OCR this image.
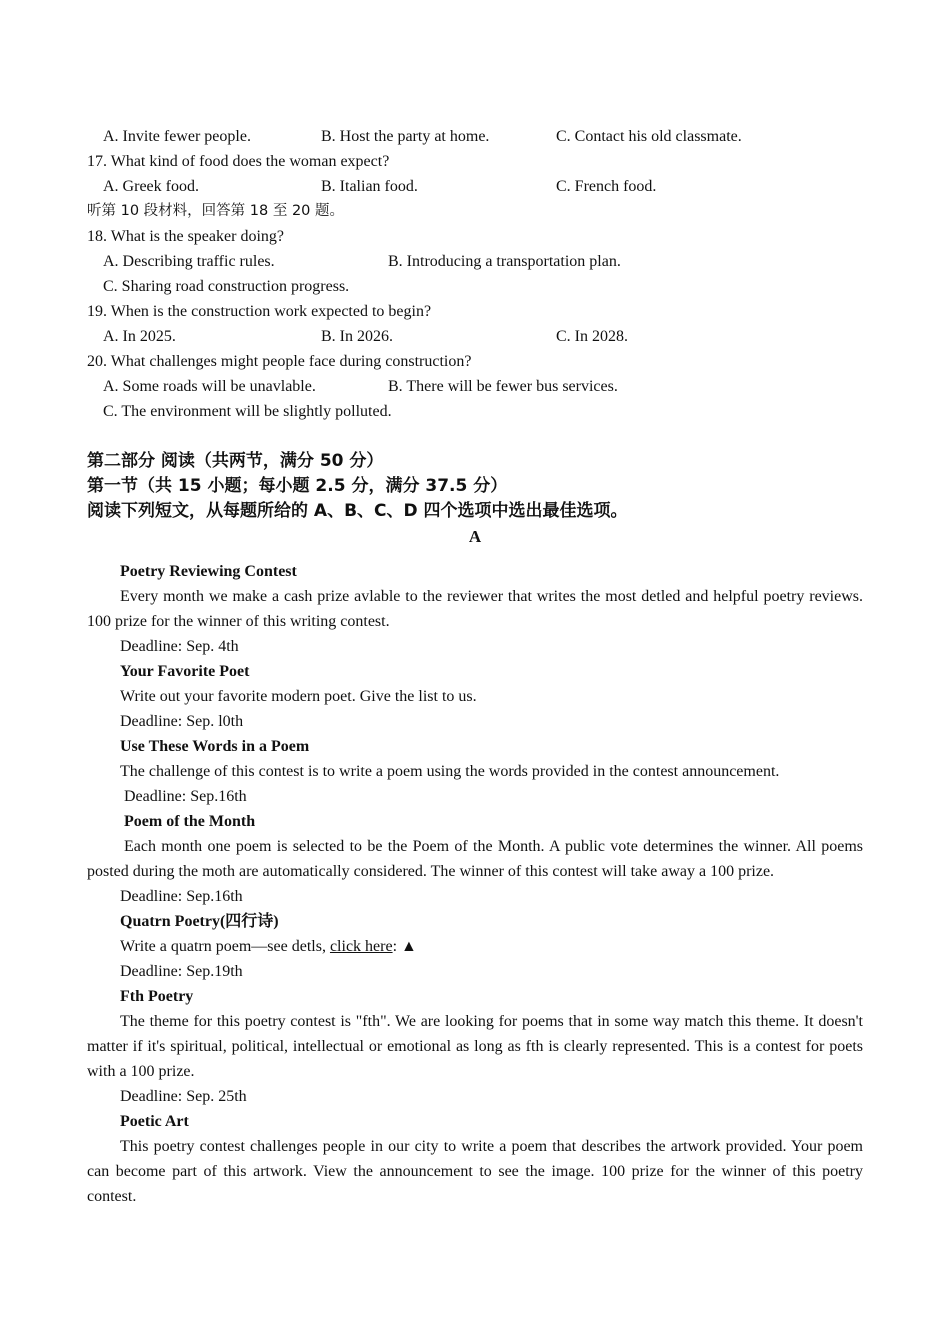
A. Invite fewer people.	B. Host the party at home.	C. Contact his old classmate.
17. What kind of food does the woman expect?
A. Greek food.	B. Italian food.	C. French food.
听第 10 段材料，回答第 18 至 20 题。
18. What is the speaker doing?
A. Describing traffic rules.	B. Introducing a transportation plan.
C. Sharing road construction progress.
19. When is the construction work expected to begin?
A. In 2025.	B. In 2026.	C. In 2028.
20. What challenges might people face during construction?
A. Some roads will be unavlable.	B. There will be fewer bus services.
C. The environment will be slightly polluted.
第二部分 阅读（共两节，满分 50 分）
第一节（共 15 小题；每小题 2.5 分，满分 37.5 分）
阅读下列短文，从每题所给的 A、B、C、D 四个选项中选出最佳选项。
A
Poetry Reviewing Contest
Every month we make a cash prize avlable to the reviewer that writes the most detled and helpful poetry reviews. 100 prize for the winner of this writing contest.
Deadline: Sep. 4th
Your Favorite Poet
Write out your favorite modern poet. Give the list to us.
Deadline: Sep. l0th
Use These Words in a Poem
The challenge of this contest is to write a poem using the words provided in the contest announcement.
Deadline: Sep.16th
Poem of the Month
Each month one poem is selected to be the Poem of the Month. A public vote determines the winner. All poems posted during the moth are automatically considered. The winner of this contest will take away a 100 prize.
Deadline: Sep.16th
Quatrn Poetry(四行诗)
Write a quatrn poem—see detls, click here: ▲
Deadline: Sep.19th
Fth Poetry
The theme for this poetry contest is "fth". We are looking for poems that in some way match this theme. It doesn't matter if it's spiritual, political, intellectual or emotional as long as fth is clearly represented. This is a contest for poets with a 100 prize.
Deadline: Sep. 25th
Poetic Art
This poetry contest challenges people in our city to write a poem that describes the artwork provided. Your poem can become part of this artwork. View the announcement to see the image. 100 prize for the winner of this poetry contest.
